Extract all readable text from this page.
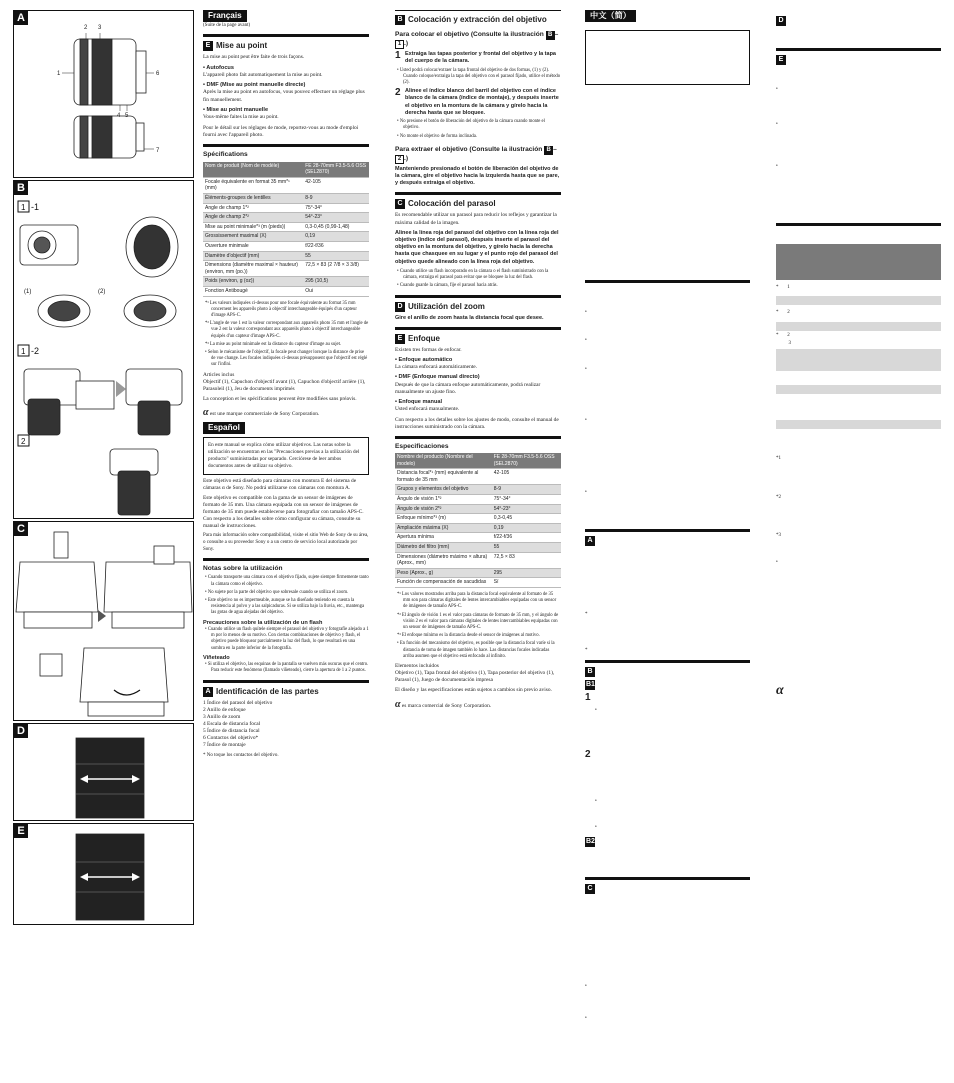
A
2 3
1	6
4 5
7
B
1 -1
1 -2
2
(1)	(2)
C
D
E
Français

(Suite de la page avant)

E Mise au point

La mise au point peut être faite de trois façons.

• Autofocus

L'appareil photo fait automatiquement la mise au point.

• DMF (Mise au point manuelle directe)

Après la mise au point en autofocus, vous pouvez effectuer un réglage plus fin manuellement.

• Mise au point manuelle

Vous-même faites la mise au point.

Pour le détail sur les réglages de mode, reportez-vous au mode d'emploi fourni avec l'appareil photo.

Spécifications
Nom de produit (Nom de modèle)	FE 28-70mm F3.5-5.6 OSS (SEL2870)
Focale équivalente en format 35 mm*¹ (mm)	42-105
Éléments-groupes de lentilles	8-9
Angle de champ 1*²	75°-34°
Angle de champ 2*²	54°-23°
Mise au point minimale*³ (m (pieds))	0,3-0,45 (0,99-1,48)
Grossissement maximal (X)	0,19
Ouverture minimale	f/22-f/36
Diamètre d'objectif (mm)	55
Dimensions (diamètre maximal × hauteur) (environ, mm (po.))	72,5 × 83 (2 7/8 × 3 3/8)
Poids (environ, g (oz))	295 (10,5)
Fonction Antibougé	Oui

*¹ Les valeurs indiquées ci-dessus pour une focale équivalente au format 35 mm concernent les appareils photo à objectif interchangeable équipés d'un capteur d'image APS-C.

*² L'angle de vue 1 est la valeur correspondant aux appareils photo 35 mm et l'angle de vue 2 est la valeur correspondant aux appareils photo à objectif interchangeable équipés d'un capteur d'image APS-C.

*³ La mise au point minimale est la distance du capteur d'image au sujet.

• Selon le mécanisme de l'objectif, la focale peut changer lorsque la distance de prise de vue change. Les focales indiquées ci-dessus présupposent que l'objectif est réglé sur l'infini.

Articles inclus

Objectif (1), Capuchon d'objectif avant (1), Capuchon d'objectif arrière (1), Parasoleil (1), Jeu de documents imprimés

La conception et les spécifications peuvent être modifiées sans préavis.

α est une marque commerciale de Sony Corporation.

Español
En este manual se explica cómo utilizar objetivos. Las notas sobre la utilización se encuentran en las "Precauciones previas a la utilización del producto" suministradas por separado. Cerciórese de leer ambos documentos antes de utilizar su objetivo.

Este objetivo está diseñado para cámaras con montura E del sistema de cámaras α de Sony. No podrá utilizarse con cámaras con montura A.

Este objetivo es compatible con la gama de un sensor de imágenes de formato de 35 mm. Una cámara equipada con un sensor de imágenes de formato de 35 mm puede establecerse para fotografiar con tamaño APS-C. Con respecto a los detalles sobre cómo configurar su cámara, consulte su manual de instrucciones.

Para más información sobre compatibilidad, visite el sitio Web de Sony de su área, o consulte a su proveedor Sony o a un centro de servicio local autorizado por Sony.

Notas sobre la utilización

• Cuando transporte una cámara con el objetivo fijado, sujete siempre firmemente tanto la cámara como el objetivo.

• No sujete por la parte del objetivo que sobresale cuando se utiliza el zoom.

• Este objetivo no es impermeable, aunque se ha diseñado teniendo en cuenta la resistencia al polvo y a las salpicaduras. Si se utiliza bajo la lluvia, etc., mantenga las gotas de agua alejadas del objetivo.

Precauciones sobre la utilización de un flash

• Cuando utilice un flash quítele siempre el parasol del objetivo y fotografíe alejado a 1 m por lo menos de su motivo. Con ciertas combinaciones de objetivo y flash, el objetivo puede bloquear parcialmente la luz del flash, lo que resultará en una sombra en la parte inferior de la fotografía.

Viñeteado

• Si utiliza el objetivo, las esquinas de la pantalla se vuelven más oscuras que el centro. Para reducir este fenómeno (llamado viñeteado), cierre la apertura de 1 a 2 puntos.

A Identificación de las partes

1 Índice del parasol del objetivo

2 Anillo de enfoque

3 Anillo de zoom

4 Escala de distancia focal

5 Índice de distancia focal

6 Contactos del objetivo*

7 Índice de montaje

* No toque los contactos del objetivo.

B Colocación y extracción del objetivo
Para colocar el objetivo (Consulte la ilustración B –1 .)
1 Extraiga las tapas posterior y frontal del objetivo y la tapa del cuerpo de la cámara.

• Usted podrá colocar/extraer la tapa frontal del objetivo de dos formas, (1) y (2). Cuando coloque/extraiga la tapa del objetivo con el parasol fijado, utilice el método (2).

2 Alinee el índice blanco del barril del objetivo con el índice blanco de la cámara (índice de montaje), y después inserte el objetivo en la montura de la cámara y gírelo hacia la derecha hasta que se bloquee.

• No presione el botón de liberación del objetivo de la cámara cuando monte el objetivo.

• No monte el objetivo de forma inclinada.

Para extraer el objetivo (Consulte la ilustración B –2 .)

Manteniendo presionado el botón de liberación del objetivo de la cámara, gire el objetivo hacia la izquierda hasta que se pare, y después extraiga el objetivo.

C Colocación del parasol

Es recomendable utilizar un parasol para reducir los reflejos y garantizar la máxima calidad de la imagen.

Alinee la línea roja del parasol del objetivo con la línea roja del objetivo (índice del parasol), después inserte el parasol del objetivo en la montura del objetivo, y gírelo hacia la derecha hasta que chasquee en su lugar y el punto rojo del parasol del objetivo quede alineado con la línea roja del objetivo.

• Cuando utilice un flash incorporado en la cámara o el flash suministrado con la cámara, extraiga el parasol para evitar que se bloquee la luz del flash.

• Cuando guarde la cámara, fije el parasol hacia atrás.

D Utilización del zoom

Gire el anillo de zoom hasta la distancia focal que desee.

E Enfoque

Existen tres formas de enfocar.

• Enfoque automático

La cámara enfocará automáticamente.

• DMF (Enfoque manual directo)

Después de que la cámara enfoque automáticamente, podrá realizar manualmente un ajuste fino.

• Enfoque manual

Usted enfocará manualmente.

Con respecto a los detalles sobre los ajustes de modo, consulte el manual de instrucciones suministrado con la cámara.

Especificaciones
Nombre del producto (Nombre del modelo)	FE 28-70mm F3.5-5.6 OSS (SEL2870)
Distancia focal*¹ (mm) equivalente al formato de 35 mm	42-105
Grupos y elementos del objetivo	8-9
Ángulo de visión 1*²	75°-34°
Ángulo de visión 2*²	54°-23°
Enfoque mínimo*³ (m)	0,3-0,45
Ampliación máxima (X)	0,19
Apertura mínima	f/22-f/36
Diámetro del filtro (mm)	55
Dimensiones (diámetro máximo × altura) (Aprox., mm)	72,5 × 83
Peso (Aprox., g)	295
Función de compensación de sacudidas	Sí

*¹ Los valores mostrados arriba para la distancia focal equivalente al formato de 35 mm son para cámaras digitales de lentes intercambiables equipadas con un sensor de imágenes de tamaño APS-C.

*² El ángulo de visión 1 es el valor para cámaras de formato de 35 mm, y el ángulo de visión 2 es el valor para cámaras digitales de lentes intercambiables equipadas con un sensor de imágenes de tamaño APS-C.

*³ El enfoque mínimo es la distancia desde el sensor de imágenes al motivo.

• En función del mecanismo del objetivo, es posible que la distancia focal varíe si la distancia de toma de imagen también lo hace. Las distancias focales indicadas arriba asumen que el objetivo está enfocado al infinito.

Elementos incluidos

Objetivo (1), Tapa frontal del objetivo (1), Tapa posterior del objetivo (1), Parasol (1), Juego de documentación impresa

El diseño y las especificaciones están sujetos a cambios sin previo aviso.

α es marca comercial de Sony Corporation.

中文（简）

•

•

•

•

•

A

*

*

B
B1
1

•

2

•

•

B2
C

•

•

D
E

•

•

•

* 1

* 2

* 2

3

*1

*2

*3

•

α
